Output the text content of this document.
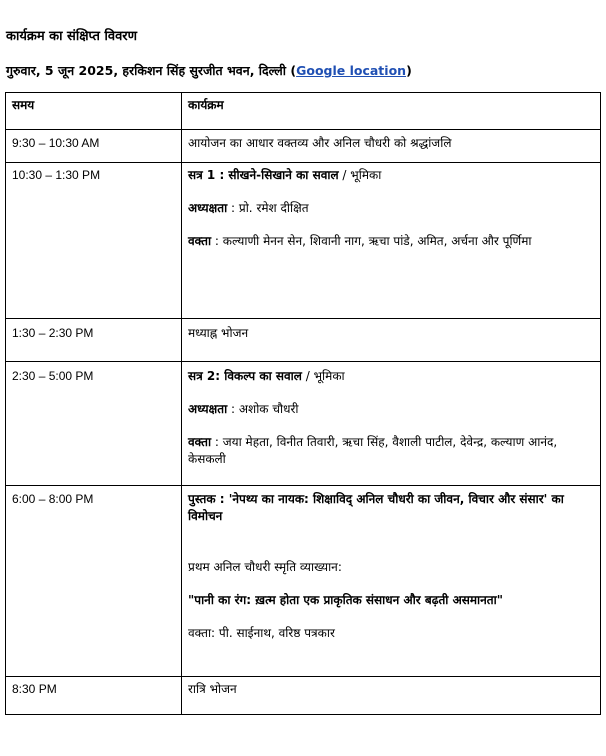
कार्यक्रम का संक्षिप्त विवरण
गुरुवार, 5 जून 2025, हरकिशन सिंह सुरजीत भवन, दिल्ली (Google location)
समय	कार्यक्रम
9:30 – 10:30 AM	आयोजन का आधार वक्तव्य और अनिल चौधरी को श्रद्धांजलि
10:30 – 1:30 PM	सत्र 1 : सीखने-सिखाने का सवाल / भूमिका

अध्यक्षता : प्रो. रमेश दीक्षित

वक्ता : कल्याणी मेनन सेन, शिवानी नाग, ऋचा पांडे, अमित, अर्चना और पूर्णिमा

1:30 – 2:30 PM	मध्याह्न भोजन
2:30 – 5:00 PM	सत्र 2: विकल्प का सवाल / भूमिका

अध्यक्षता : अशोक चौधरी

वक्ता : जया मेहता, विनीत तिवारी, ऋचा सिंह, वैशाली पाटील, देवेन्द्र, कल्याण आनंद, केसकली

6:00 – 8:00 PM	पुस्तक : 'नेपथ्य का नायक: शिक्षाविद् अनिल चौधरी का जीवन, विचार और संसार' का विमोचन

प्रथम अनिल चौधरी स्मृति व्याख्यान:

"पानी का रंग: ख़त्म होता एक प्राकृतिक संसाधन और बढ़ती असमानता"

वक्ता: पी. साईनाथ, वरिष्ठ पत्रकार

8:30 PM	रात्रि भोजन
